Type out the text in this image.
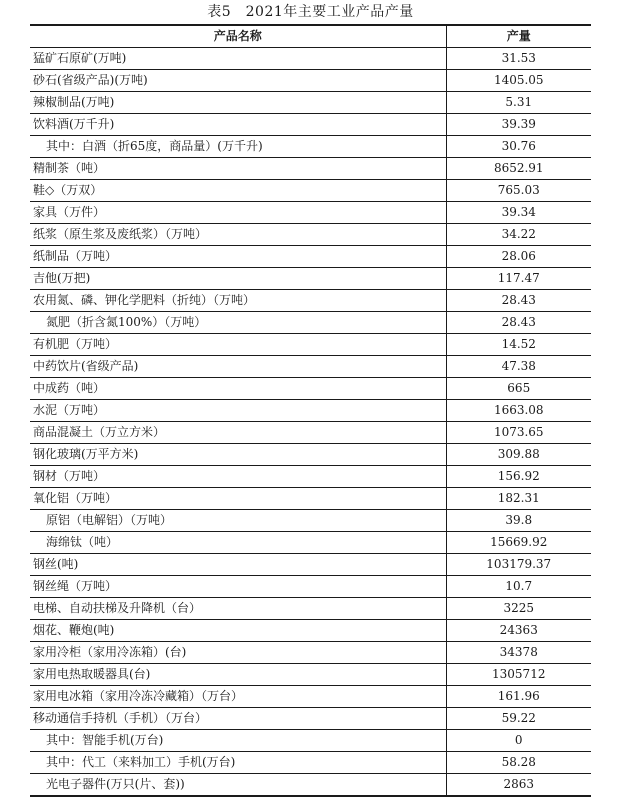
表5　2021年主要工业产品产量
产品名称	产量
猛矿石原矿(万吨)	31.53
砂石(省级产品)(万吨)	1405.05
辣椒制品(万吨)	5.31
饮料酒(万千升)	39.39
其中：白酒（折65度，商品量）(万千升)	30.76
精制茶（吨）	8652.91
鞋◇（万双）	765.03
家具（万件）	39.34
纸浆（原生浆及废纸浆）（万吨）	34.22
纸制品（万吨）	28.06
吉他(万把)	117.47
农用氮、磷、钾化学肥料（折纯）（万吨）	28.43
氮肥（折含氮100%）（万吨）	28.43
有机肥（万吨）	14.52
中药饮片(省级产品)	47.38
中成药（吨）	665
水泥（万吨）	1663.08
商品混凝土（万立方米）	1073.65
钢化玻璃(万平方米)	309.88
钢材（万吨）	156.92
氧化铝（万吨）	182.31
原铝（电解铝）（万吨）	39.8
海绵钛（吨）	15669.92
钢丝(吨)	103179.37
钢丝绳（万吨）	10.7
电梯、自动扶梯及升降机（台）	3225
烟花、鞭炮(吨)	24363
家用冷柜（家用冷冻箱）(台)	34378
家用电热取暖器具(台)	1305712
家用电冰箱（家用冷冻冷藏箱）（万台）	161.96
移动通信手持机（手机）（万台）	59.22
其中：智能手机(万台)	0
其中：代工（来料加工）手机(万台)	58.28
光电子器件(万只(片、套))	2863
